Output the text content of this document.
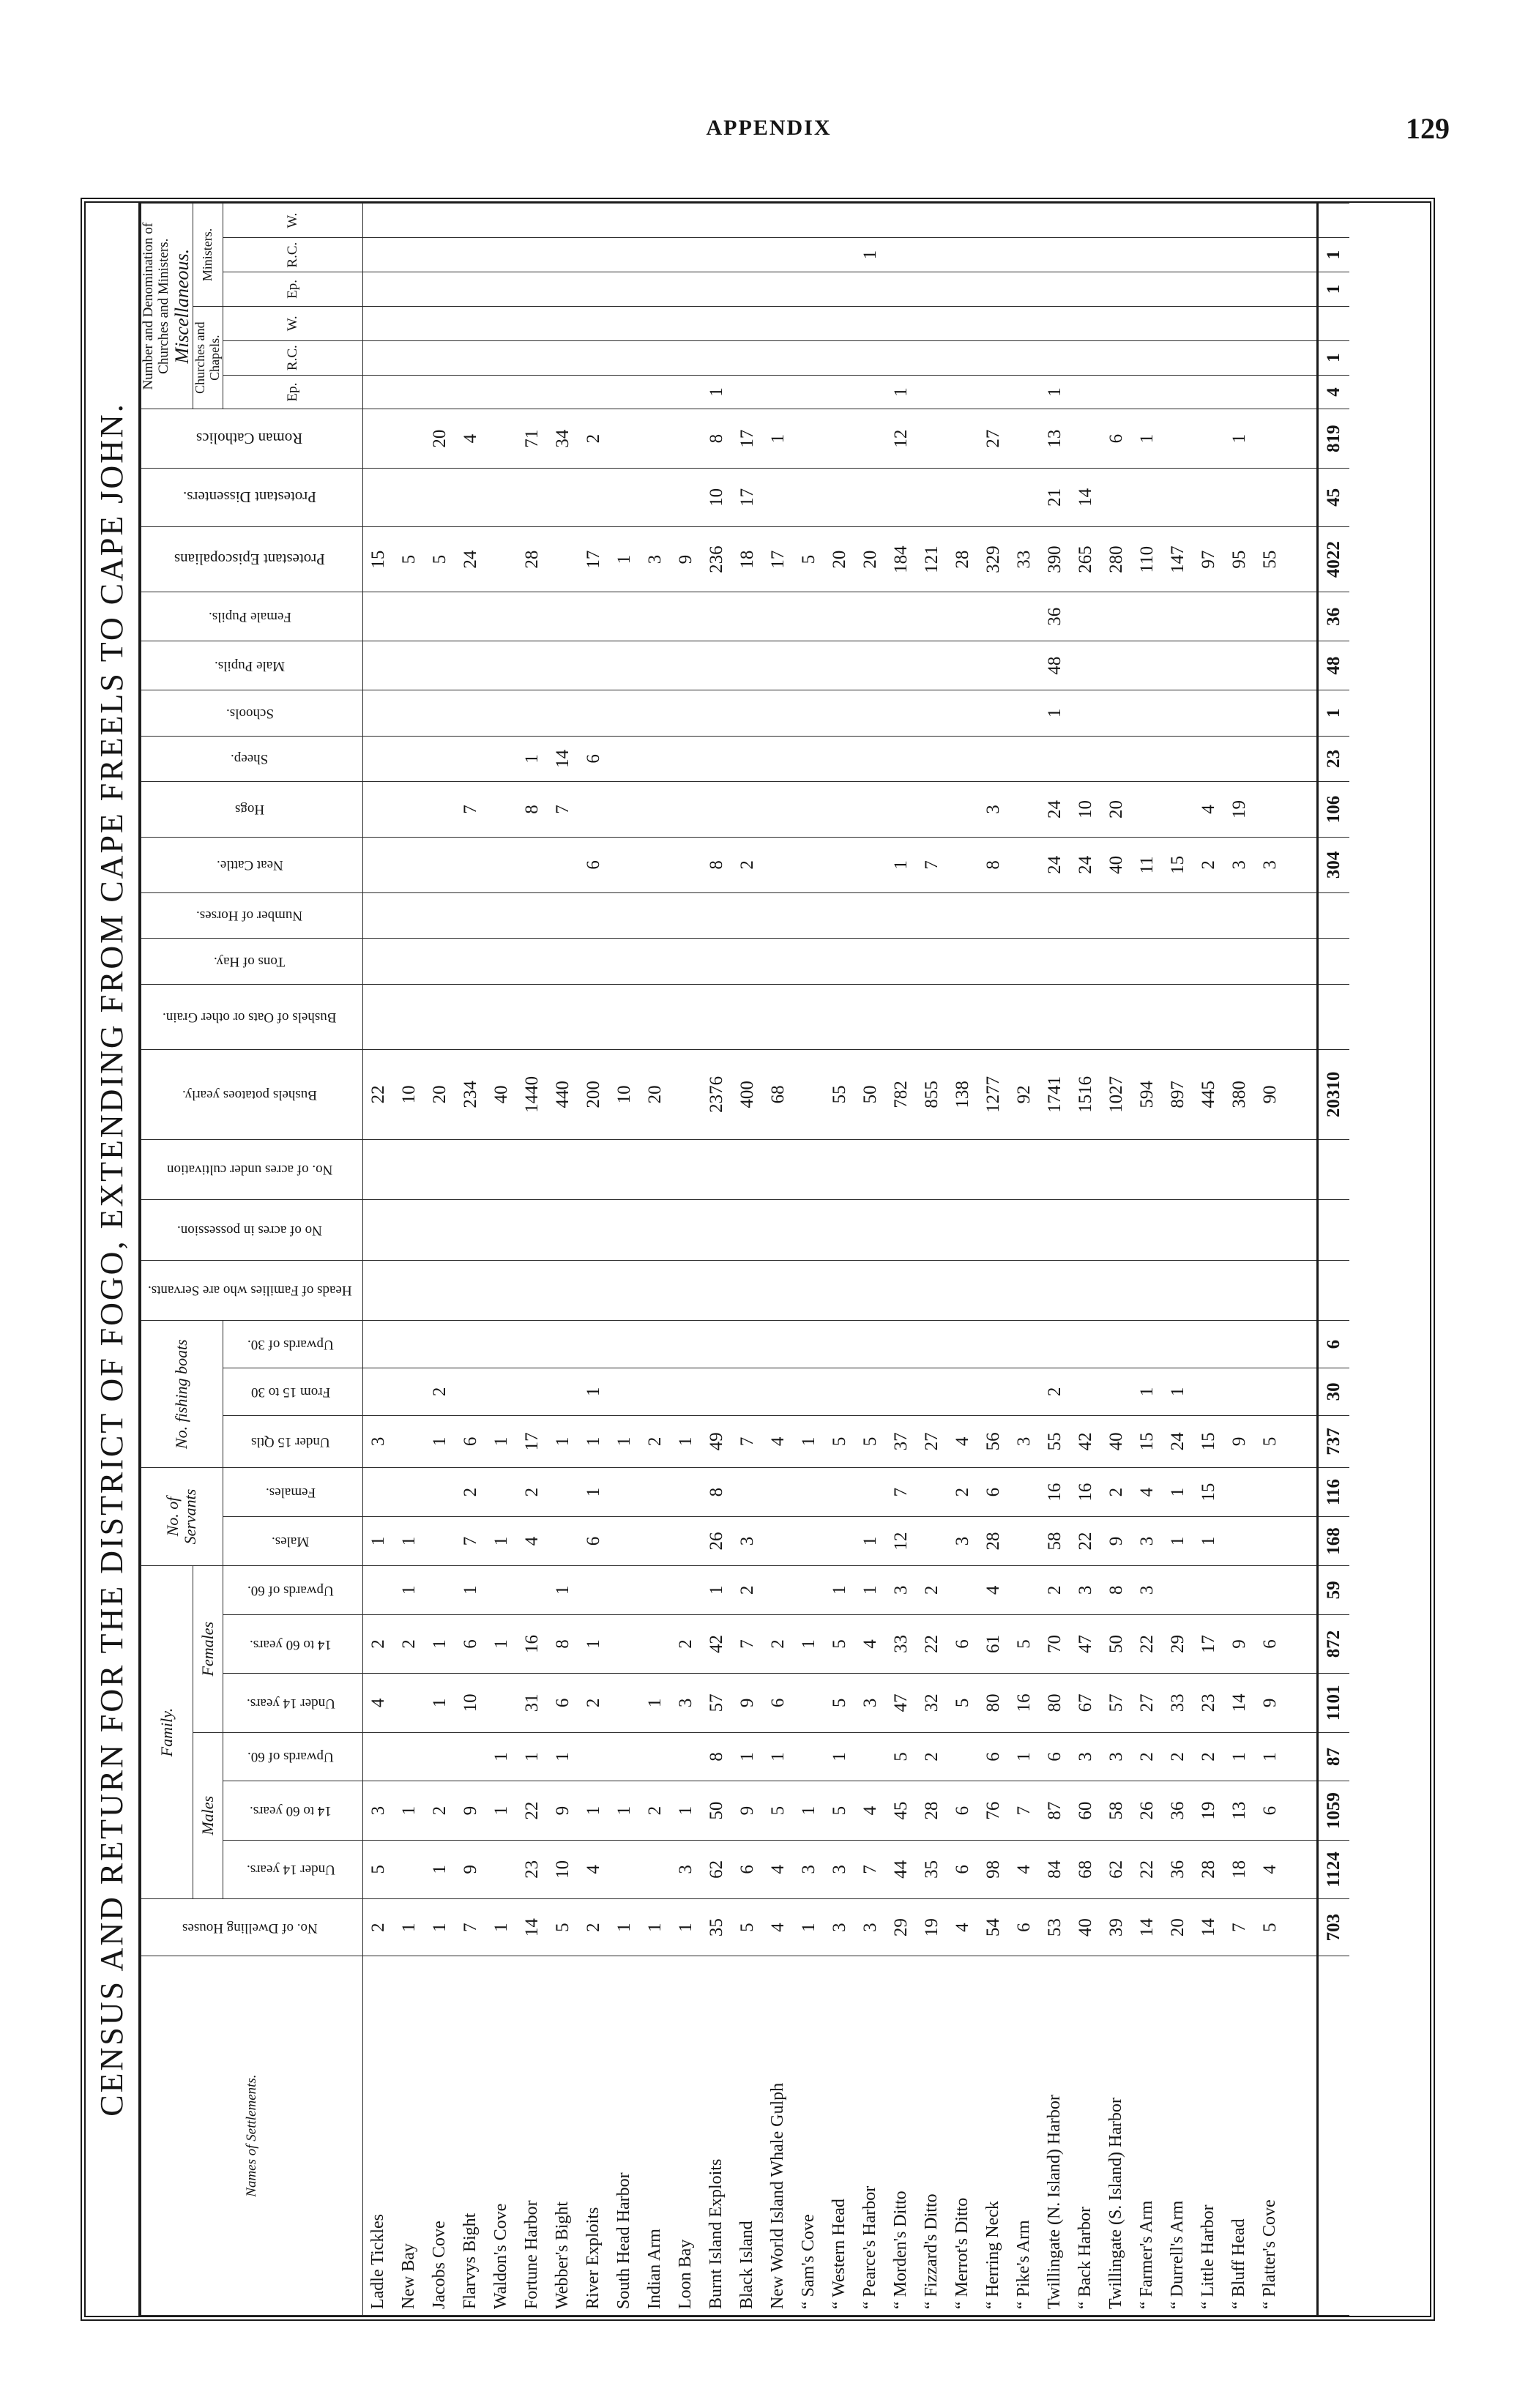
APPENDIX	129
CENSUS AND RETURN FOR THE DISTRICT OF FOGO, EXTENDING FROM CAPE FREELS TO CAPE JOHN.
Names of Settlements.	No. of Dwelling Houses	Family.						No. of Servants		No. fishing boats			Heads of Families who are Servants.	No of acres in possession.	No. of acres under cultivation	Bushels potatoes yearly.	Bushels of Oats or other Grain.	Tons of Hay.	Number of Horses.	Neat Cattle.	Hogs	Sheep.	Schools.	Male Pupils.	Female Pupils.	Protestant Episcopalians	Protestant Dissenters.	Roman Catholics	Number and Denomination of Churches and Ministers. Miscellaneous.					

		Males			Females																								Churches and Chapels.			Ministers.		
		Under 14 years.	14 to 60 years.	Upwards of 60.	Under 14 years.	14 to 60 years.	Upwards of 60.	Males.	Females.	Under 15 Qtls	From 15 to 30	Upwards of 30.																	Ep.	R.C.	W.	Ep.	R.C.	W.
Ladle Tickles	2	5	3		4	2		1		3						22										15								
New Bay	1		1			2	1	1								10										5								
Jacobs Cove	1	1	2		1	1				1	2					20										5		20						
Flarvys Bight	7	9	9		10	6	1	7	2	6						234					7					24		4						
Waldon's Cove	1		1	1		1		1		1						40																		
Fortune Harbor	14	23	22	1	31	16		4	2	17						1440					8	1				28		71						
Webber's Bight	5	10	9	1	6	8	1			1						440					7	14						34						
River Exploits	2	4	1		2	1		6	1	1	1					200				6		6				17		2						
South Head Harbor	1		1							1						10										1								
Indian Arm	1		2		1					2						20										3								
Loon Bay	1	3	1		3	2				1																9								
Burnt Island Exploits	35	62	50	8	57	42	1	26	8	49						2376				8						236	10	8	1					
Black Island	5	6	9	1	9	7	2	3		7						400				2						18	17	17						
New World Island Whale Gulph	4	4	5	1	6	2				4						68										17		1						
“ Sam's Cove	1	3	1			1				1																5								
“ Western Head	3	3	5	1	5	5	1			5						55										20								
“ Pearce's Harbor	3	7	4		3	4	1	1		5						50										20							1	
“ Morden's Ditto	29	44	45	5	47	33	3	12	7	37						782				1						184		12	1					
“ Fizzard's Ditto	19	35	28	2	32	22	2			27						855				7						121								
“ Merrot's Ditto	4	6	6		5	6		3	2	4						138										28								
“ Herring Neck	54	98	76	6	80	61	4	28	6	56						1277				8	3					329		27						
“ Pike's Arm	6	4	7	1	16	5				3						92										33								
Twillingate (N. Island) Harbor	53	84	87	6	80	70	2	58	16	55	2					1741				24	24		1	48	36	390	21	13	1					
“ Back Harbor	40	68	60	3	67	47	3	22	16	42						1516				24	10					265	14							
Twillingate (S. Island) Harbor	39	62	58	3	57	50	8	9	2	40						1027				40	20					280		6						
“ Farmer's Arm	14	22	26	2	27	22	3	3	4	15	1					594				11						110		1						
“ Durrell's Arm	20	36	36	2	33	29		1	1	24	1					897				15						147								
“ Little Harbor	14	28	19	2	23	17		1	15	15						445				2	4					97								
“ Bluff Head	7	18	13	1	14	9				9						380				3	19					95		1						
“ Platter's Cove	5	4	6	1	9	6				5						90				3						55								

	703	1124	1059	87	1101	872	59	168	116	737	30	6				20310				304	106	23	1	48	36	4022	45	819	4	1		1	1	
